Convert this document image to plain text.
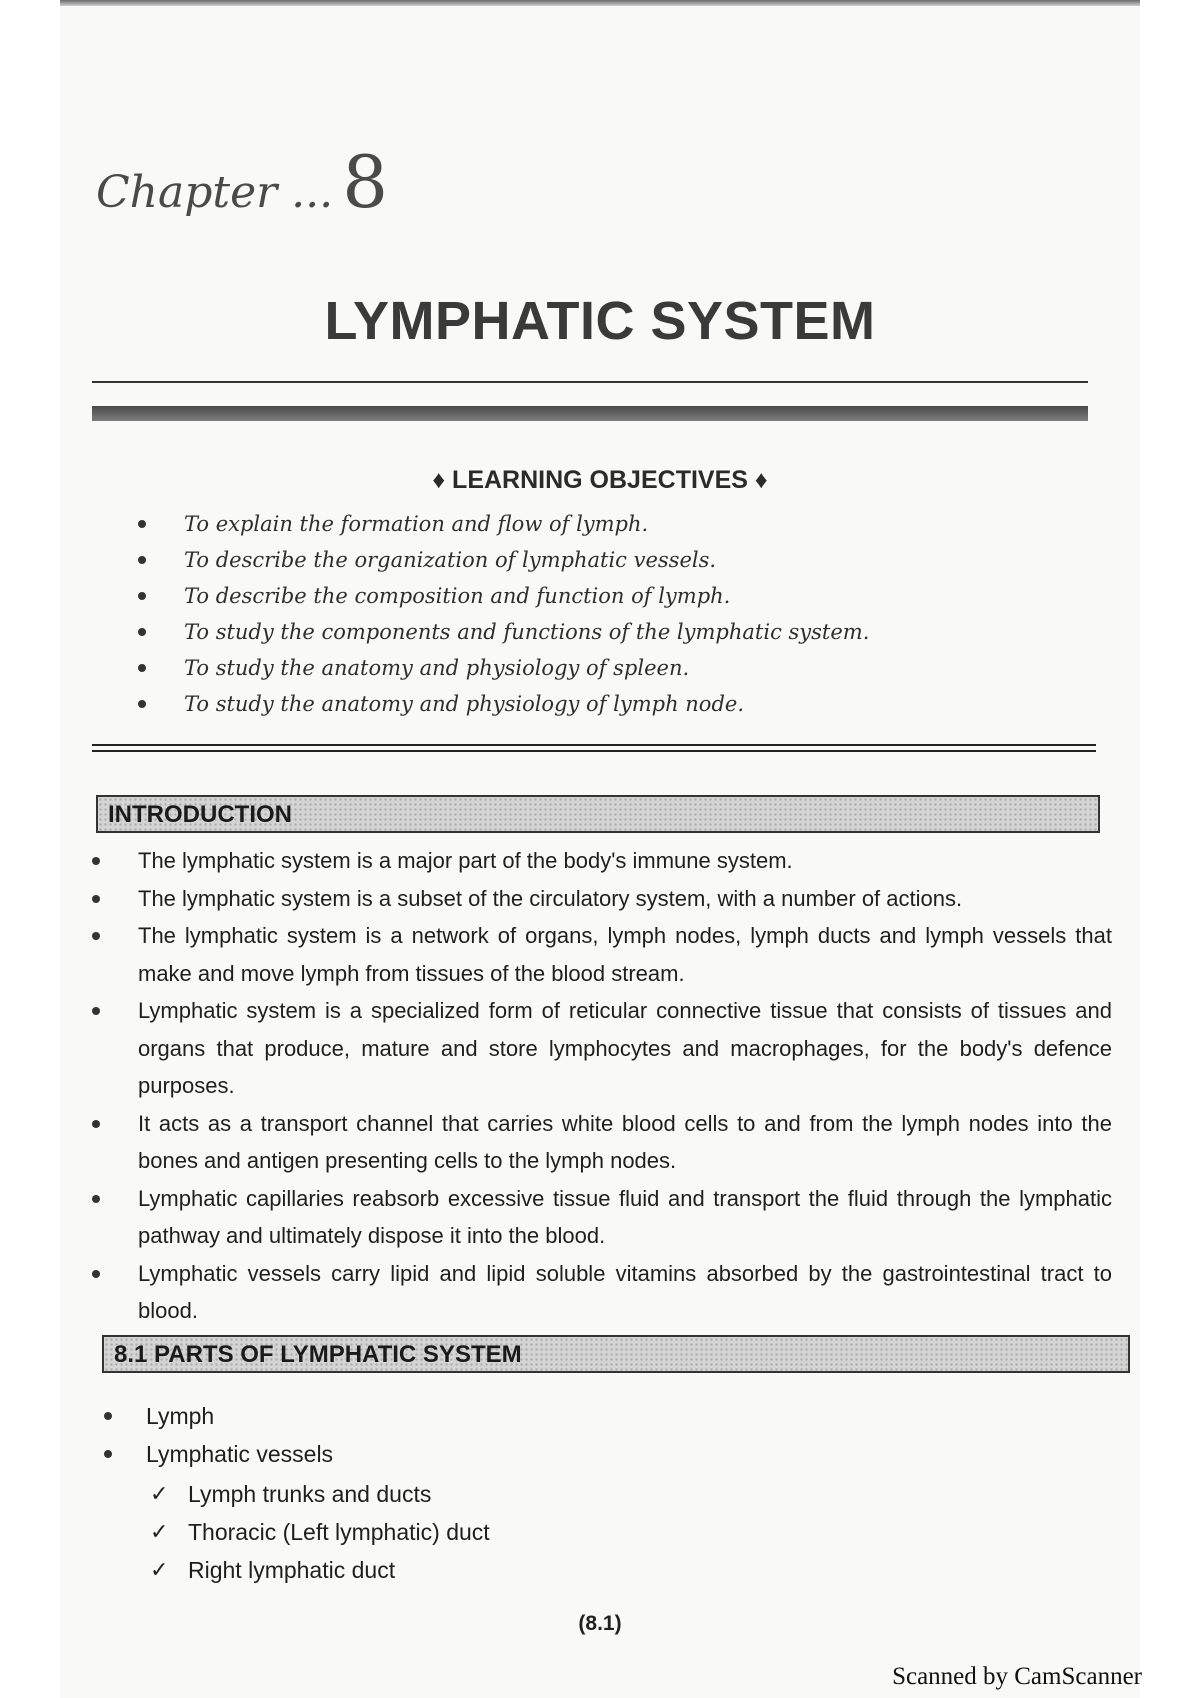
Chapter ... 8
LYMPHATIC SYSTEM
♦ LEARNING OBJECTIVES ♦
To explain the formation and flow of lymph.
To describe the organization of lymphatic vessels.
To describe the composition and function of lymph.
To study the components and functions of the lymphatic system.
To study the anatomy and physiology of spleen.
To study the anatomy and physiology of lymph node.
INTRODUCTION
The lymphatic system is a major part of the body's immune system.
The lymphatic system is a subset of the circulatory system, with a number of actions.
The lymphatic system is a network of organs, lymph nodes, lymph ducts and lymph vessels that make and move lymph from tissues of the blood stream.
Lymphatic system is a specialized form of reticular connective tissue that consists of tissues and organs that produce, mature and store lymphocytes and macrophages, for the body's defence purposes.
It acts as a transport channel that carries white blood cells to and from the lymph nodes into the bones and antigen presenting cells to the lymph nodes.
Lymphatic capillaries reabsorb excessive tissue fluid and transport the fluid through the lymphatic pathway and ultimately dispose it into the blood.
Lymphatic vessels carry lipid and lipid soluble vitamins absorbed by the gastrointestinal tract to blood.
8.1 PARTS OF LYMPHATIC SYSTEM
Lymph
Lymphatic vessels
✓ Lymph trunks and ducts
✓ Thoracic (Left lymphatic) duct
✓ Right lymphatic duct
(8.1)
Scanned by CamScanner
